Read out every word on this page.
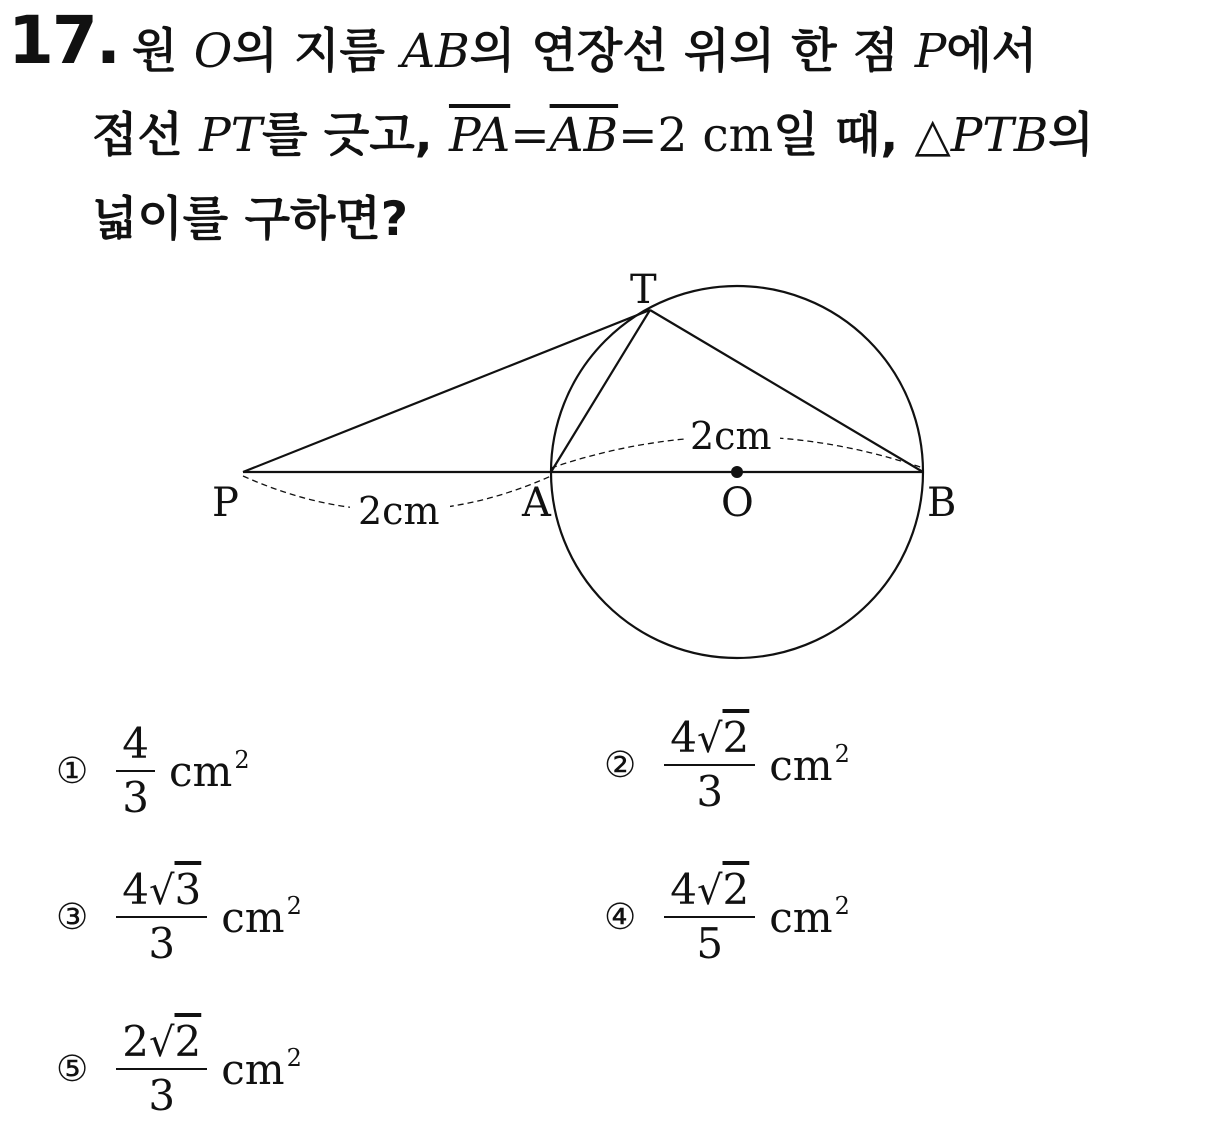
17. 원 O의 지름 AB의 연장선 위의 한 점 P에서
접선 PT를 긋고, $\overline{PA}=\overline{AB}=2$ cm일 때, △PTB의
넓이를 구하면?
T
P	A	O	B
2cm
2cm
① $\frac{4}{3} cm^2$	② $\frac{4√2}{3} cm^2$
③ $\frac{4√3}{3} cm^2$	④ $\frac{4√2}{5} cm^2$
⑤ $\frac{2√2}{3} cm^2$
